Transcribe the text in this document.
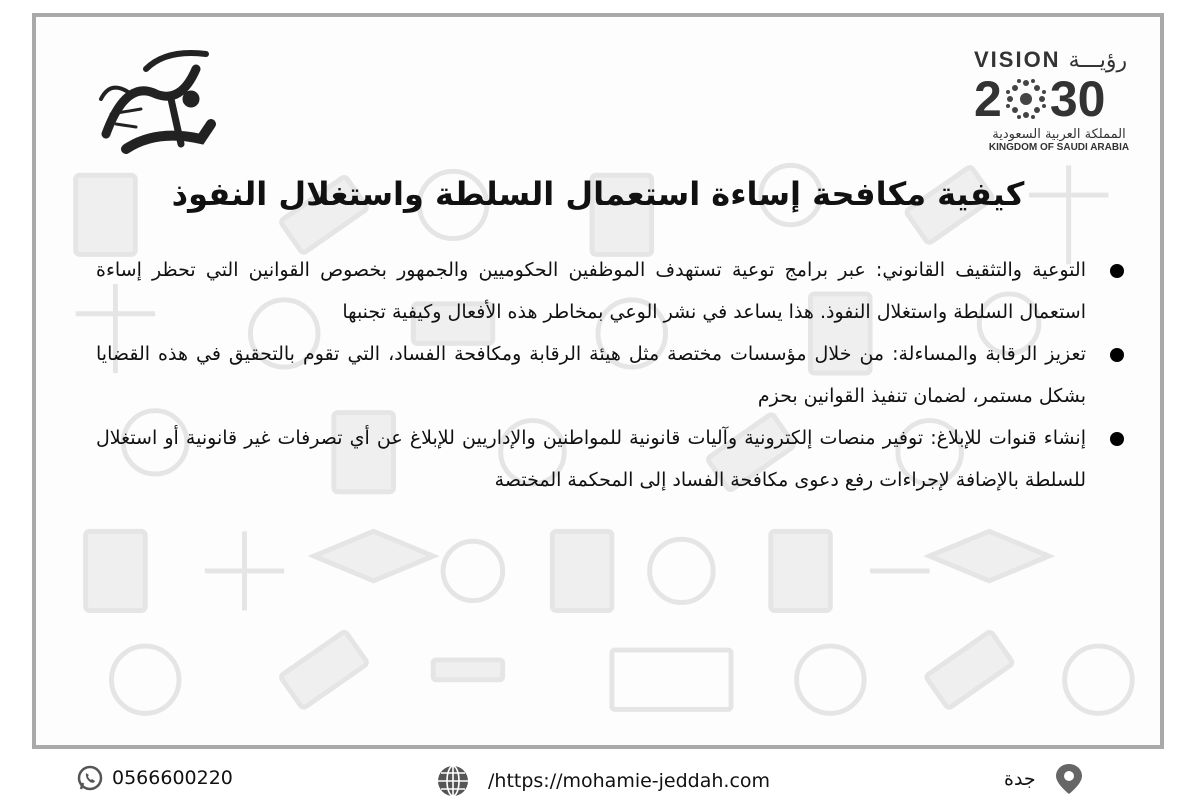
VISION رؤيـــة
2 30
المملكة العربية السعودية
KINGDOM OF SAUDI ARABIA
كيفية مكافحة إساءة استعمال السلطة واستغلال النفوذ
التوعية والتثقيف القانوني: عبر برامج توعية تستهدف الموظفين الحكوميين والجمهور بخصوص القوانين التي تحظر إساءة استعمال السلطة واستغلال النفوذ. هذا يساعد في نشر الوعي بمخاطر هذه الأفعال وكيفية تجنبها
تعزيز الرقابة والمساءلة: من خلال مؤسسات مختصة مثل هيئة الرقابة ومكافحة الفساد، التي تقوم بالتحقيق في هذه القضايا بشكل مستمر، لضمان تنفيذ القوانين بحزم
إنشاء قنوات للإبلاغ: توفير منصات إلكترونية وآليات قانونية للمواطنين والإداريين للإبلاغ عن أي تصرفات غير قانونية أو استغلال للسلطة بالإضافة لإجراءات رفع دعوى مكافحة الفساد إلى المحكمة المختصة
0566600220	/https://mohamie-jeddah.com	جدة
